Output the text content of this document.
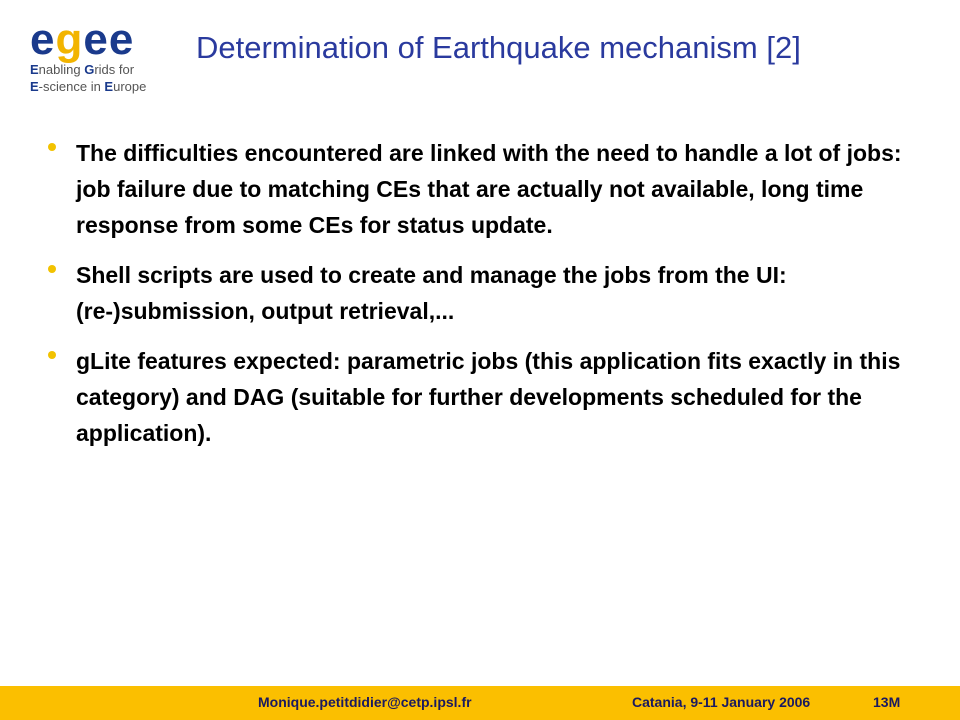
e g e e
Enabling Grids for
E-science in Europe
Determination of Earthquake mechanism [2]
The difficulties encountered are linked with the need to handle a lot of jobs: job failure due to matching CEs that are actually not available, long time response from some CEs for status update.
Shell scripts are used to create and manage the jobs from the UI:   (re-)submission, output retrieval,...
gLite features expected: parametric jobs (this application fits exactly in this category) and DAG (suitable for further developments scheduled for the application).
Monique.petitdidier@cetp.ipsl.fr	Catania, 9-11 January 2006	13M
